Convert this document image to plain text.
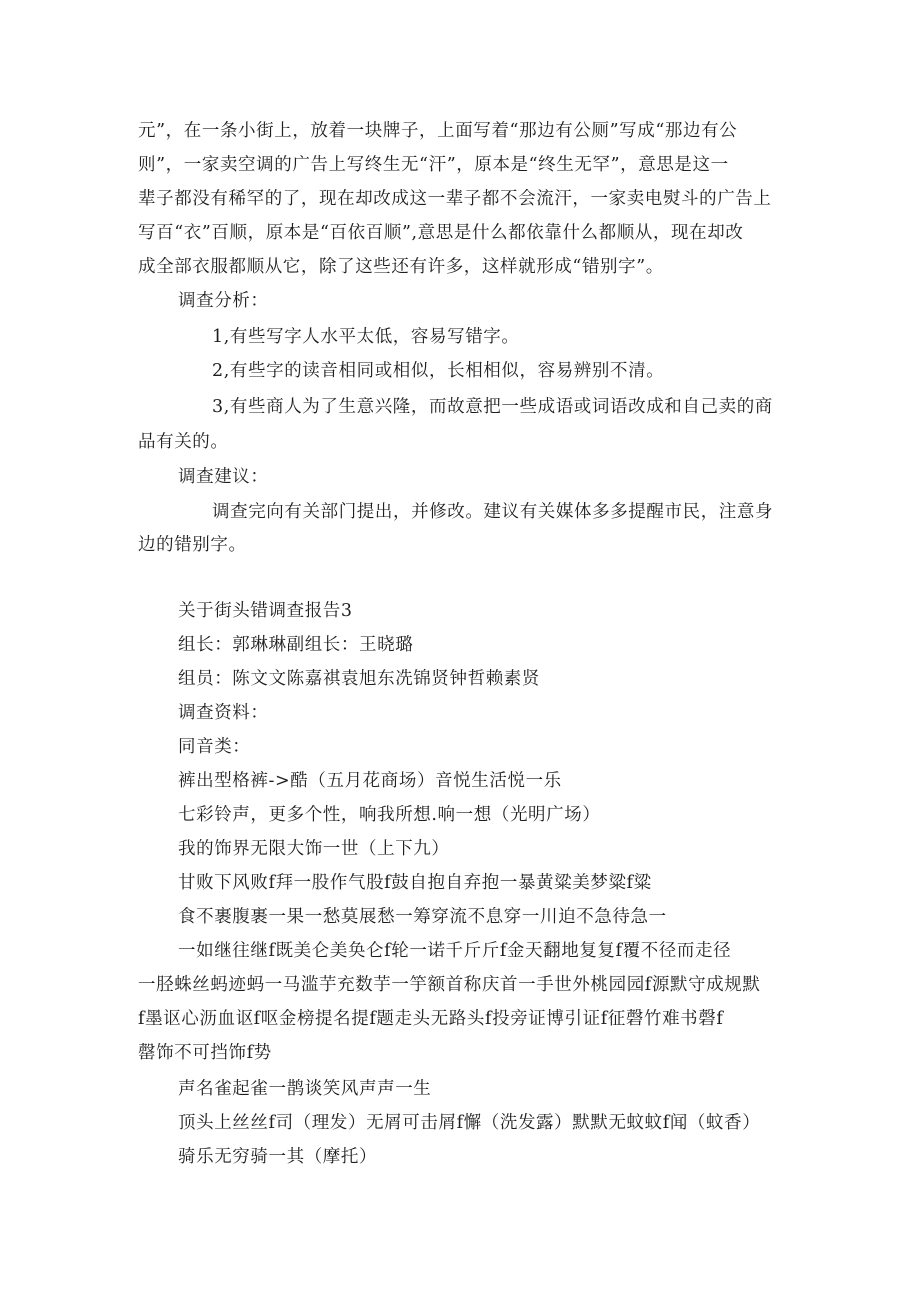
元”，在一条小街上，放着一块牌子，上面写着“那边有公厕”写成“那边有公
则”，一家卖空调的广告上写终生无“汗”，原本是“终生无罕”，意思是这一
辈子都没有稀罕的了，现在却改成这一辈子都不会流汗，一家卖电熨斗的广告上
写百“衣”百顺，原本是“百依百顺”,意思是什么都依靠什么都顺从，现在却改
成全部衣服都顺从它，除了这些还有许多，这样就形成“错别字”。
调查分析：
1,有些写字人水平太低，容易写错字。
2,有些字的读音相同或相似，长相相似，容易辨别不清。
3,有些商人为了生意兴隆，而故意把一些成语或词语改成和自己卖的商
品有关的。
调查建议：
调查完向有关部门提出，并修改。建议有关媒体多多提醒市民，注意身
边的错别字。
关于街头错调查报告3
组长：郭琳琳副组长：王晓璐
组员：陈文文陈嘉祺袁旭东冼锦贤钟哲赖素贤
调查资料：
同音类：
裤出型格裤->酷（五月花商场）音悦生活悦一乐
七彩铃声，更多个性，响我所想.响一想（光明广场）
我的饰界无限大饰一世（上下九）
甘败下风败f拜一股作气股f鼓自抱自弃抱一暴黄粱美梦粱f粱
食不裹腹裹一果一愁莫展愁一筹穿流不息穿一川迫不急待急一
一如继往继f既美仑美奂仑f轮一诺千斤斤f金天翻地复复f覆不径而走径
一胫蛛丝蚂迹蚂一马滥芋充数芋一竽额首称庆首一手世外桃园园f源默守成规默
f墨讴心沥血讴f呕金榜提名提f题走头无路头f投旁证博引证f征磬竹难书磬f
罄饰不可挡饰f势
声名雀起雀一鹊谈笑风声声一生
顶头上丝丝f司（理发）无屑可击屑f懈（洗发露）默默无蚊蚊f闻（蚊香）
骑乐无穷骑一其（摩托）
